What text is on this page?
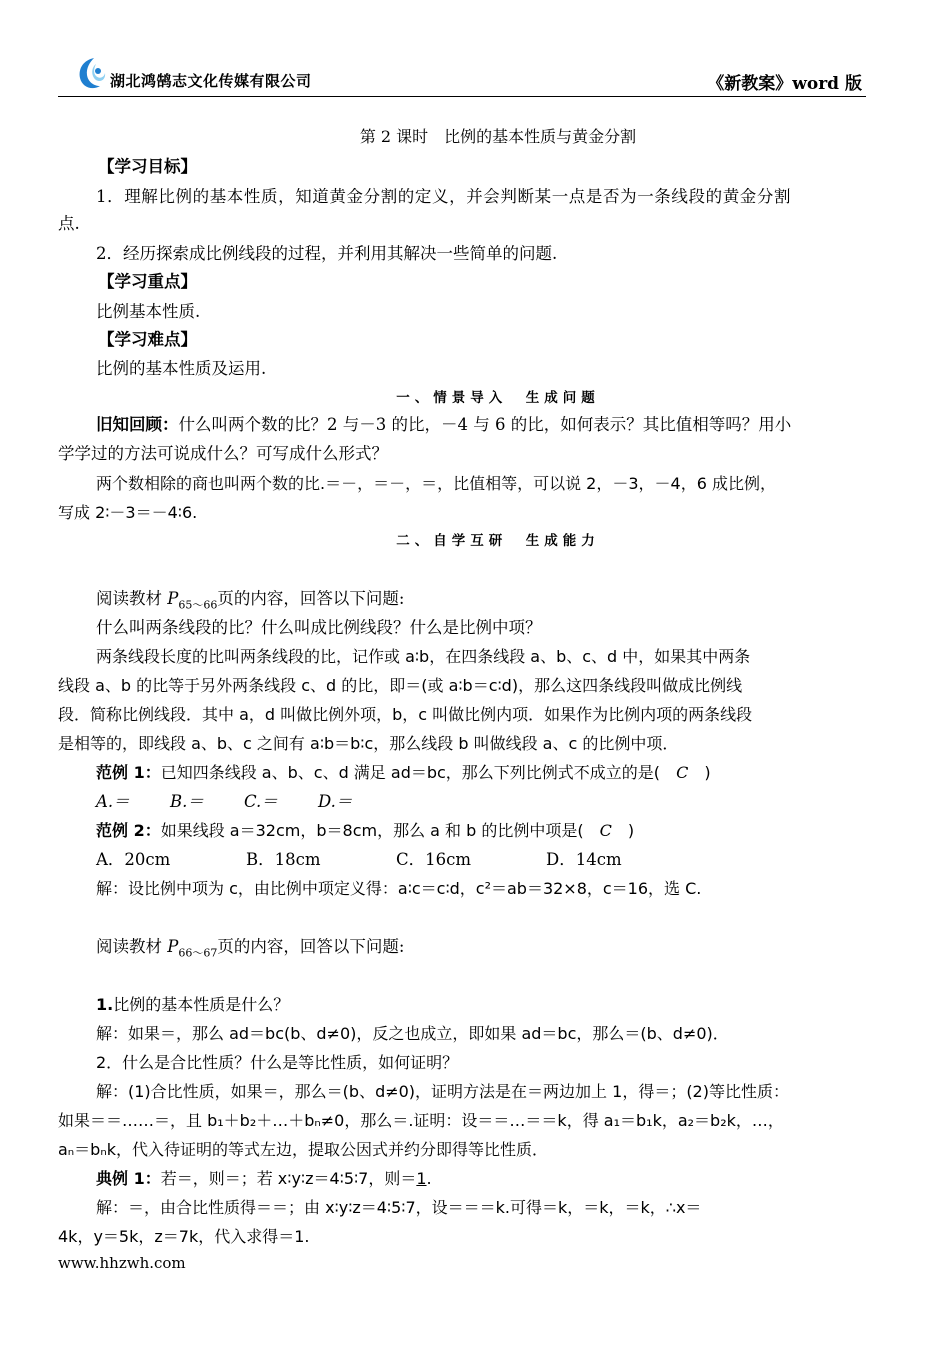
湖北鸿鹄志文化传媒有限公司	《新教案》word 版
第 2 课时　比例的基本性质与黄金分割
【学习目标】
1．理解比例的基本性质，知道黄金分割的定义，并会判断某一点是否为一条线段的黄金分割
点.
2．经历探索成比例线段的过程，并利用其解决一些简单的问题.
【学习重点】
比例基本性质.
【学习难点】
比例的基本性质及运用.
一、情景导入　生成问题
旧知回顾：什么叫两个数的比？2 与－3 的比，－4 与 6 的比，如何表示？其比值相等吗？用小
学学过的方法可说成什么？可写成什么形式？
两个数相除的商也叫两个数的比.＝－，＝－，＝，比值相等，可以说 2，－3，－4，6 成比例，
写成 2∶－3＝－4∶6.
二、自学互研　生成能力
阅读教材 $P_{65\sim 66}$页的内容，回答以下问题:
什么叫两条线段的比？什么叫成比例线段？什么是比例中项？
两条线段长度的比叫两条线段的比，记作或 a∶b，在四条线段 a、b、c、d 中，如果其中两条
线段 a、b 的比等于另外两条线段 c、d 的比，即＝(或 a∶b＝c∶d)，那么这四条线段叫做成比例线
段．简称比例线段．其中 a，d 叫做比例外项，b，c 叫做比例内项．如果作为比例内项的两条线段
是相等的，即线段 a、b、c 之间有 a∶b＝b∶c，那么线段 b 叫做线段 a、c 的比例中项．
范例 1：已知四条线段 a、b、c、d 满足 ad＝bc，那么下列比例式不成立的是(　C　)
A.＝ B.＝ C.＝ D.＝
范例 2：如果线段 a＝32cm，b＝8cm，那么 a 和 b 的比例中项是(　C　)
A．20cm	B．18cm	C．16cm	D．14cm
解：设比例中项为 c，由比例中项定义得：a∶c＝c∶d，c²＝ab＝32×8，c＝16，选 C.
阅读教材 $P_{66\sim 67}$页的内容，回答以下问题:
1.比例的基本性质是什么？
解：如果＝，那么 ad＝bc(b、d≠0)，反之也成立，即如果 ad＝bc，那么＝(b、d≠0)．
2．什么是合比性质？什么是等比性质，如何证明？
解：(1)合比性质，如果＝，那么＝(b、d≠0)，证明方法是在＝两边加上 1，得＝；(2)等比性质：
如果＝＝……＝，且 b₁＋b₂＋…＋bₙ≠0，那么＝.证明：设＝＝…＝＝k，得 a₁＝b₁k，a₂＝b₂k，…，
aₙ＝bₙk，代入待证明的等式左边，提取公因式并约分即得等比性质．
典例 1：若＝，则＝；若 x∶y∶z＝4∶5∶7，则＝1.
解：＝，由合比性质得＝＝；由 x∶y∶z＝4∶5∶7，设＝＝＝k.可得＝k，＝k，＝k，∴x＝
4k，y＝5k，z＝7k，代入求得＝1.
www.hhzwh.com
